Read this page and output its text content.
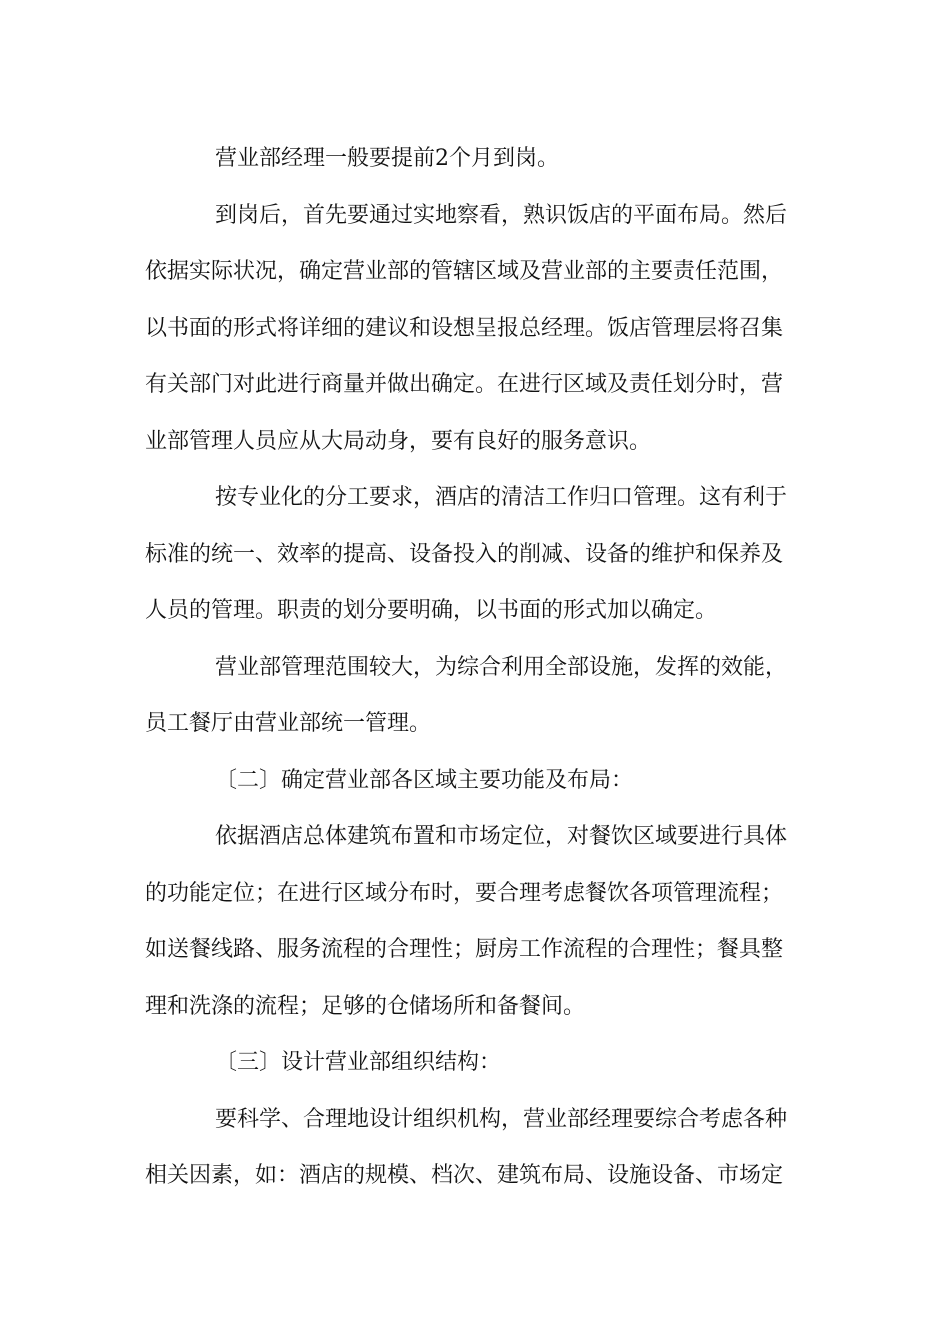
营业部经理一般要提前2个月到岗。

到岗后，首先要通过实地察看，熟识饭店的平面布局。然后
依据实际状况，确定营业部的管辖区域及营业部的主要责任范围，
以书面的形式将详细的建议和设想呈报总经理。饭店管理层将召集
有关部门对此进行商量并做出确定。在进行区域及责任划分时，营
业部管理人员应从大局动身，要有良好的服务意识。

按专业化的分工要求，酒店的清洁工作归口管理。这有利于
标准的统一、效率的提高、设备投入的削减、设备的维护和保养及
人员的管理。职责的划分要明确，以书面的形式加以确定。

营业部管理范围较大，为综合利用全部设施，发挥的效能，
员工餐厅由营业部统一管理。

〔二〕确定营业部各区域主要功能及布局：

依据酒店总体建筑布置和市场定位，对餐饮区域要进行具体
的功能定位；在进行区域分布时，要合理考虑餐饮各项管理流程；
如送餐线路、服务流程的合理性；厨房工作流程的合理性；餐具整
理和洗涤的流程；足够的仓储场所和备餐间。

〔三〕设计营业部组织结构：

要科学、合理地设计组织机构，营业部经理要综合考虑各种
相关因素，如：酒店的规模、档次、建筑布局、设施设备、市场定
